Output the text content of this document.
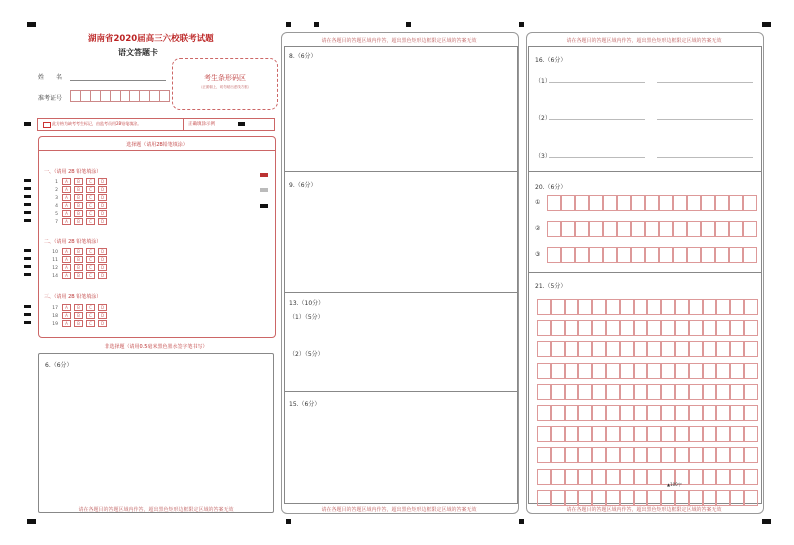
湖南省2020届高三六校联考试题
语文答题卡
姓　　名
准考证号
考生条形码区
（正面朝上，切勿贴出虚线方框）
此方格为缺考考生标记，由监考员用2B铅笔填涂。	正确填涂示例
选择题（请用2B铅笔填涂）
一、（请用 2B 铅笔填涂）
1 A B C D
2 A B C D
3 A B C D
4 A B C D
5 A B C D
7 A B C D
二、（请用 2B 铅笔填涂）
10 A B C D
11 A B C D
12 A B C D
14 A B C D
三、（请用 2B 铅笔填涂）
17 A B C D
18 A B C D
19 A B C D
非选择题（请用0.5毫米黑色墨水签字笔书写）
6.（6分）
请在各题目的答题区域内作答，超出黑色矩形边框限定区域的答案无效
请在各题目的答题区域内作答，超出黑色矩形边框限定区域的答案无效
8.（6分）
9.（6分）
13.（10分）
（1）（5分）
（2）（5分）
15.（6分）
请在各题目的答题区域内作答，超出黑色矩形边框限定区域的答案无效
请在各题目的答题区域内作答，超出黑色矩形边框限定区域的答案无效
16.（6分）
（1）
（2）
（3）
20.（6分）
①
②
③
21.（5分）
▲100字
请在各题目的答题区域内作答，超出黑色矩形边框限定区域的答案无效
